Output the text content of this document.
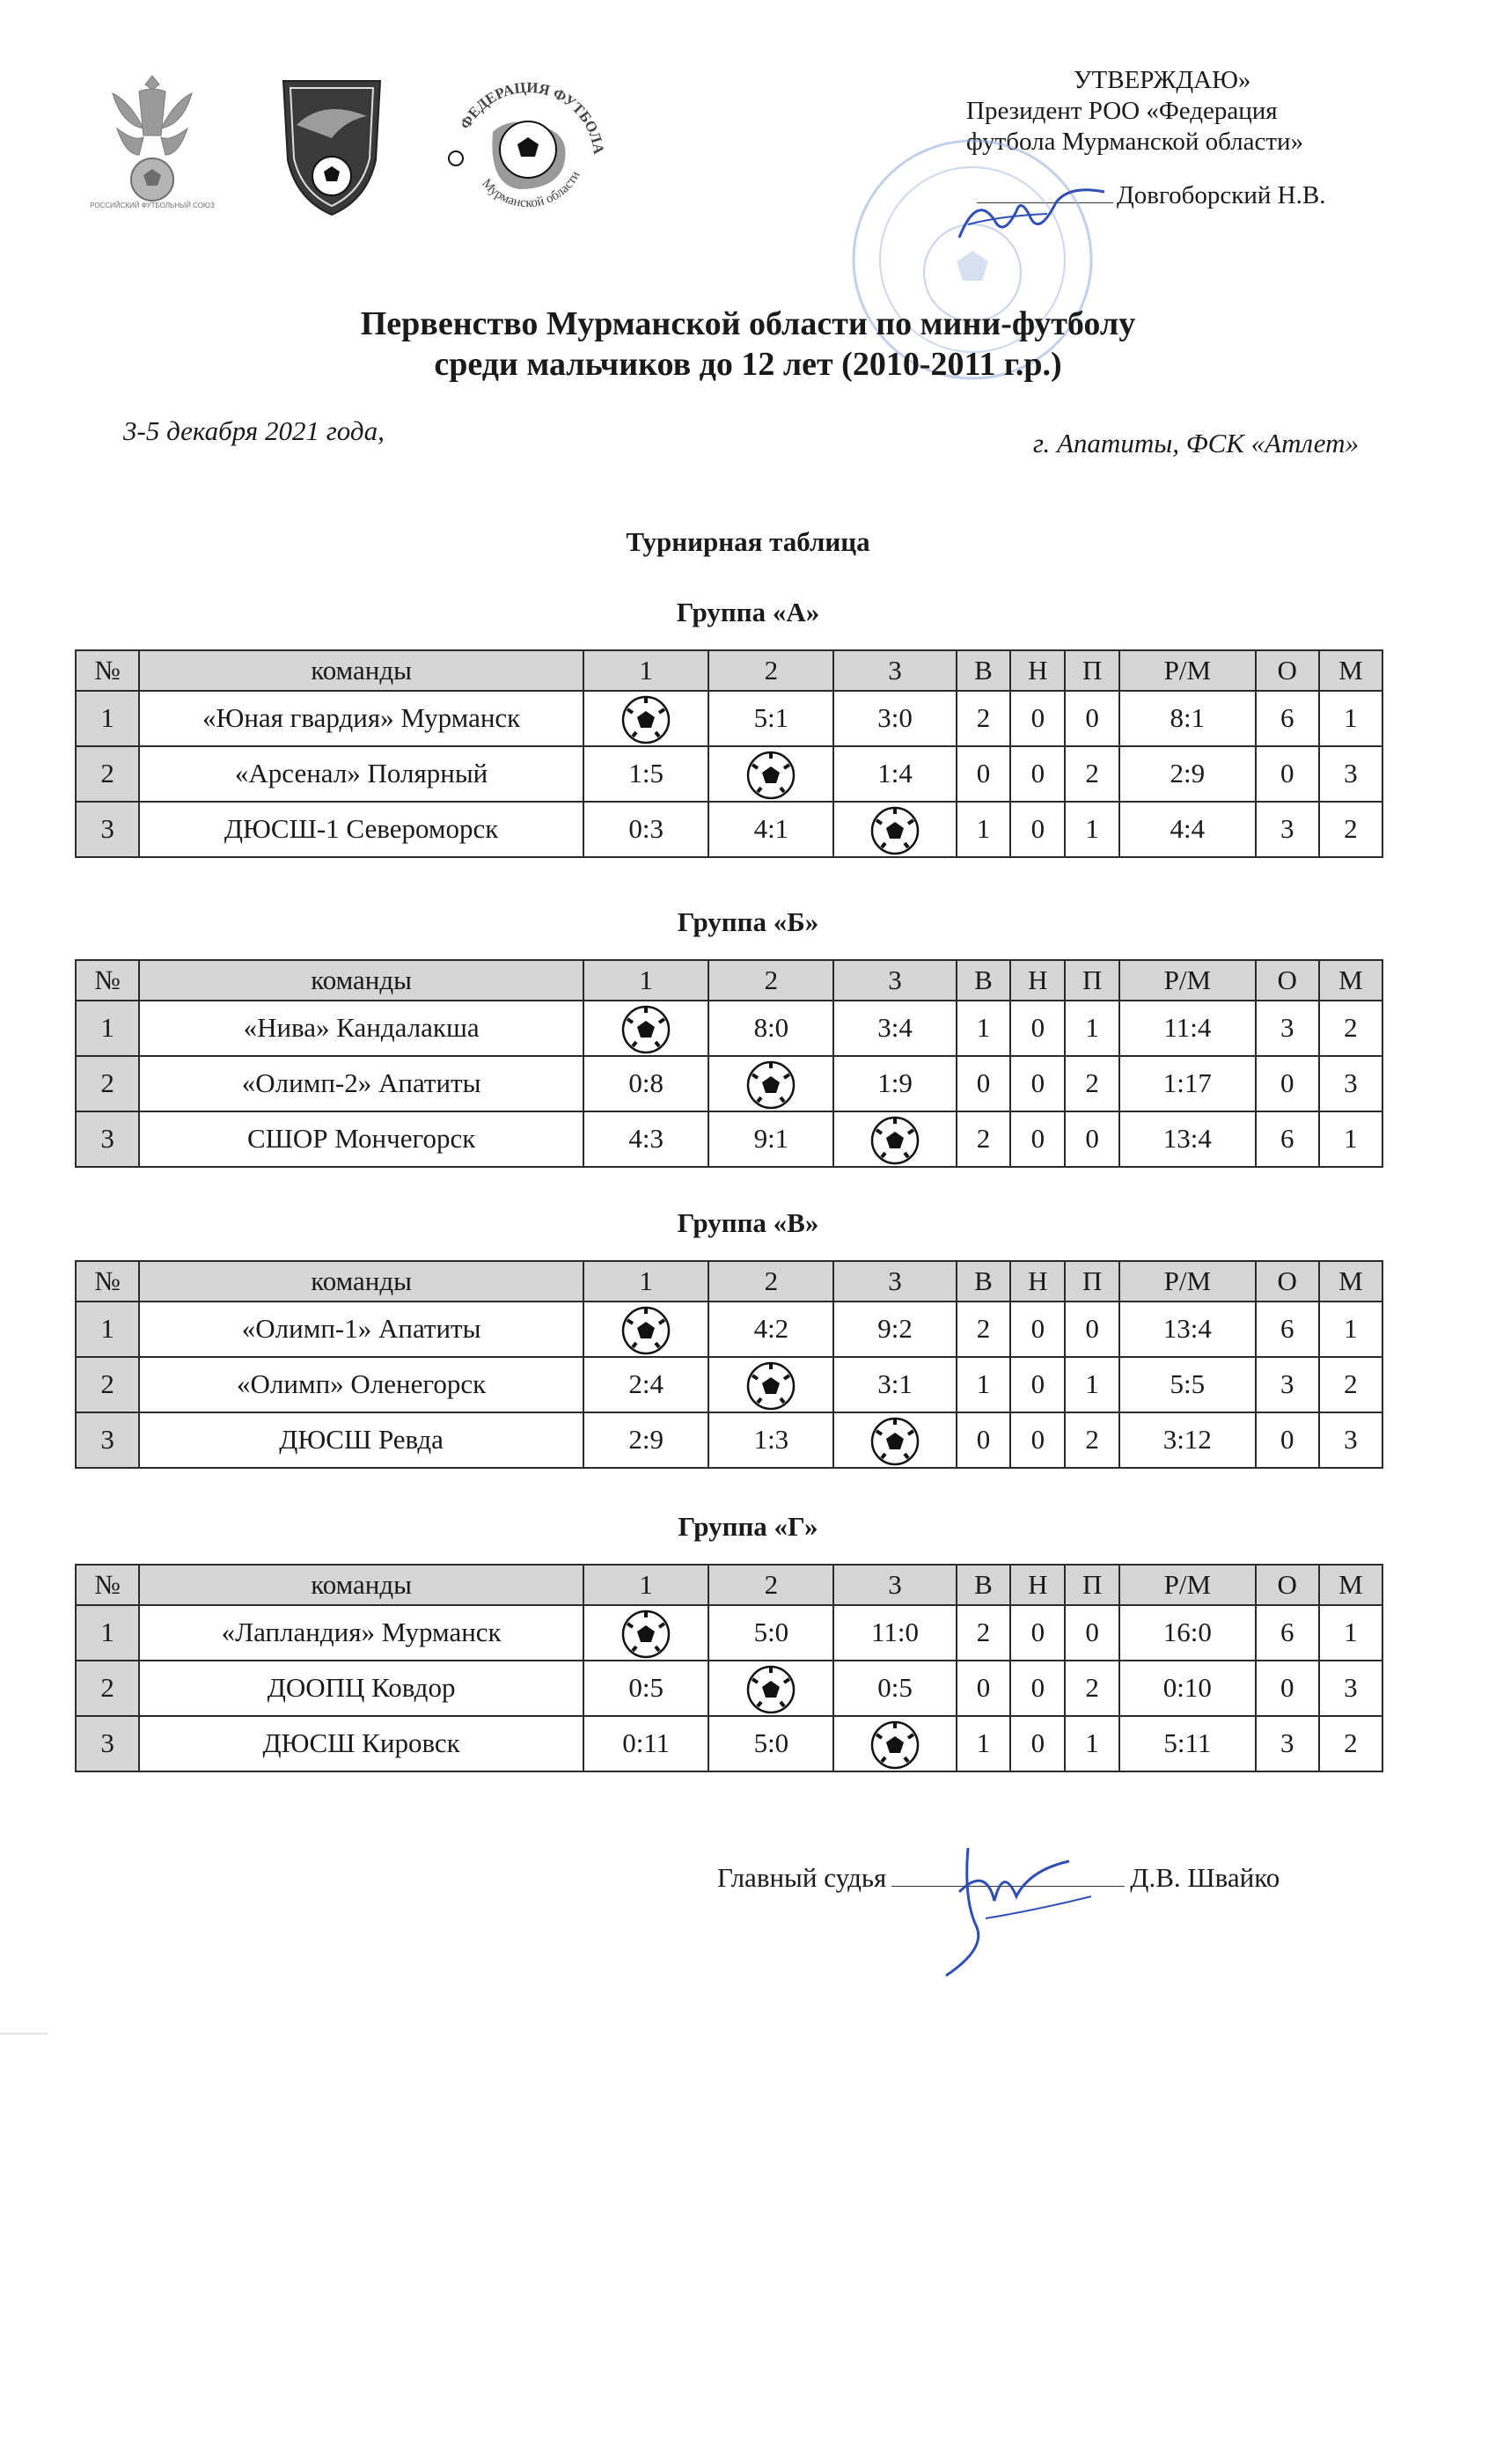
РОССИЙСКИЙ ФУТБОЛЬНЫЙ СОЮЗ
ФЕДЕРАЦИЯ ФУТБОЛА
Мурманской области
УТВЕРЖДАЮ»
Президент РОО «Федерация
футбола Мурманской области»
Довгоборский Н.В.
Первенство Мурманской области по мини-футболу
среди мальчиков до 12 лет (2010-2011 г.р.)
3-5 декабря 2021 года,	г. Апатиты, ФСК «Атлет»
Турнирная таблица
Группа «А»
№	команды	1	2	3	В	Н	П	Р/М	О	М
1	«Юная гвардия» Мурманск		5:1	3:0	2	0	0	8:1	6	1
2	«Арсенал» Полярный	1:5		1:4	0	0	2	2:9	0	3
3	ДЮСШ-1 Североморск	0:3	4:1		1	0	1	4:4	3	2
Группа «Б»
№	команды	1	2	3	В	Н	П	Р/М	О	М
1	«Нива» Кандалакша		8:0	3:4	1	0	1	11:4	3	2
2	«Олимп-2» Апатиты	0:8		1:9	0	0	2	1:17	0	3
3	СШОР Мончегорск	4:3	9:1		2	0	0	13:4	6	1
Группа «В»
№	команды	1	2	3	В	Н	П	Р/М	О	М
1	«Олимп-1» Апатиты		4:2	9:2	2	0	0	13:4	6	1
2	«Олимп» Оленегорск	2:4		3:1	1	0	1	5:5	3	2
3	ДЮСШ Ревда	2:9	1:3		0	0	2	3:12	0	3
Группа «Г»
№	команды	1	2	3	В	Н	П	Р/М	О	М
1	«Лапландия» Мурманск		5:0	11:0	2	0	0	16:0	6	1
2	ДООПЦ Ковдор	0:5		0:5	0	0	2	0:10	0	3
3	ДЮСШ Кировск	0:11	5:0		1	0	1	5:11	3	2
Главный судья	Д.В. Швайко
